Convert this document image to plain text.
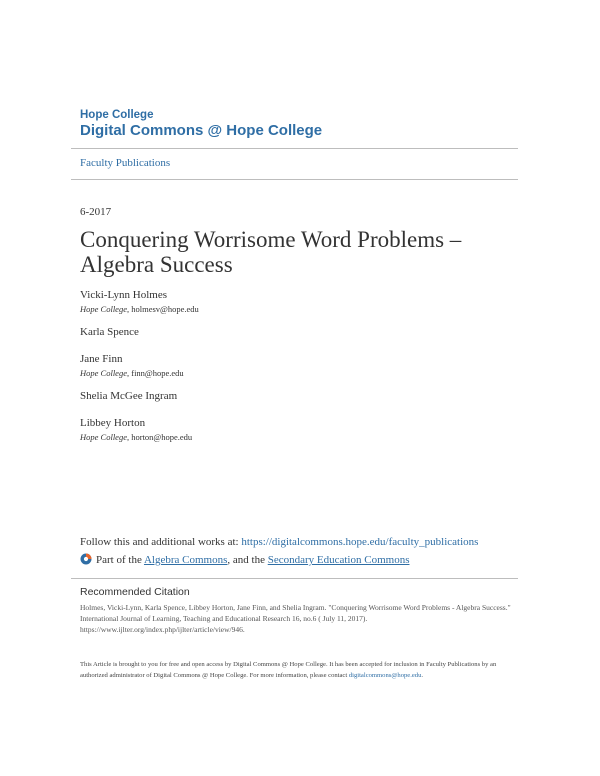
Hope College
Digital Commons @ Hope College
Faculty Publications
6-2017
Conquering Worrisome Word Problems – Algebra Success
Vicki-Lynn Holmes
Hope College, holmesv@hope.edu
Karla Spence
Jane Finn
Hope College, finn@hope.edu
Shelia McGee Ingram
Libbey Horton
Hope College, horton@hope.edu
Follow this and additional works at: https://digitalcommons.hope.edu/faculty_publications
Part of the Algebra Commons, and the Secondary Education Commons
Recommended Citation
Holmes, Vicki-Lynn, Karla Spence, Libbey Horton, Jane Finn, and Shelia Ingram. "Conquering Worrisome Word Problems - Algebra Success." International Journal of Learning, Teaching and Educational Research 16, no.6 ( July 11, 2017). https://www.ijlter.org/index.php/ijlter/article/view/946.
This Article is brought to you for free and open access by Digital Commons @ Hope College. It has been accepted for inclusion in Faculty Publications by an authorized administrator of Digital Commons @ Hope College. For more information, please contact digitalcommons@hope.edu.
